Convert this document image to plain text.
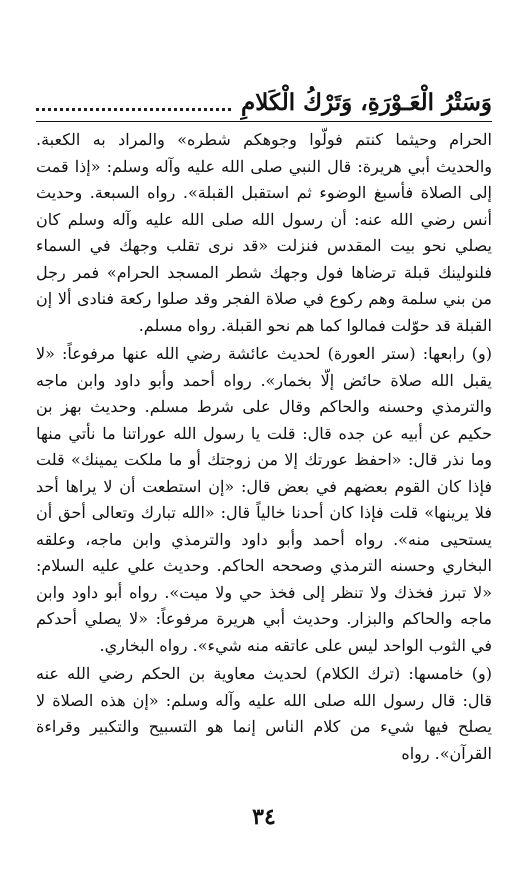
وَسَتْرُ الْعَـوْرَةِ، وَتَرْكُ الْكَلامِ

الحرام وحيثما كنتم فولّوا وجوهكم شطره» والمراد به الكعبة. والحديث أبي هريرة: قال النبي صلى الله عليه وآله وسلم: «إذا قمت إلى الصلاة فأسبغ الوضوء ثم استقبل القبلة». رواه السبعة. وحديث أنس رضي الله عنه: أن رسول الله صلى الله عليه وآله وسلم كان يصلي نحو بيت المقدس فنزلت «قد نرى تقلب وجهك في السماء فلنولينك قبلة ترضاها فول وجهك شطر المسجد الحرام» فمر رجل من بني سلمة وهم ركوع في صلاة الفجر وقد صلوا ركعة فنادى ألا إن القبلة قد حوّلت فمالوا كما هم نحو القبلة. رواه مسلم.

(و) رابعها: (ستر العورة) لحديث عائشة رضي الله عنها مرفوعاً: «لا يقبل الله صلاة حائض إلّا بخمار». رواه أحمد وأبو داود وابن ماجه والترمذي وحسنه والحاكم وقال على شرط مسلم. وحديث بهز بن حكيم عن أبيه عن جده قال: قلت يا رسول الله عوراتنا ما نأتي منها وما نذر قال: «احفظ عورتك إلا من زوجتك أو ما ملكت يمينك» قلت فإذا كان القوم بعضهم في بعض قال: «إن استطعت أن لا يراها أحد فلا يرينها» قلت فإذا كان أحدنا خالياً قال: «الله تبارك وتعالى أحق أن يستحيى منه». رواه أحمد وأبو داود والترمذي وابن ماجه، وعلقه البخاري وحسنه الترمذي وصححه الحاكم. وحديث علي عليه السلام: «لا تبرز فخذك ولا تنظر إلى فخذ حي ولا ميت». رواه أبو داود وابن ماجه والحاكم والبزار. وحديث أبي هريرة مرفوعاً: «لا يصلي أحدكم في الثوب الواحد ليس على عاتقه منه شيء». رواه البخاري.

(و) خامسها: (ترك الكلام) لحديث معاوية بن الحكم رضي الله عنه قال: قال رسول الله صلى الله عليه وآله وسلم: «إن هذه الصلاة لا يصلح فيها شيء من كلام الناس إنما هو التسبيح والتكبير وقراءة القرآن». رواه

٣٤
